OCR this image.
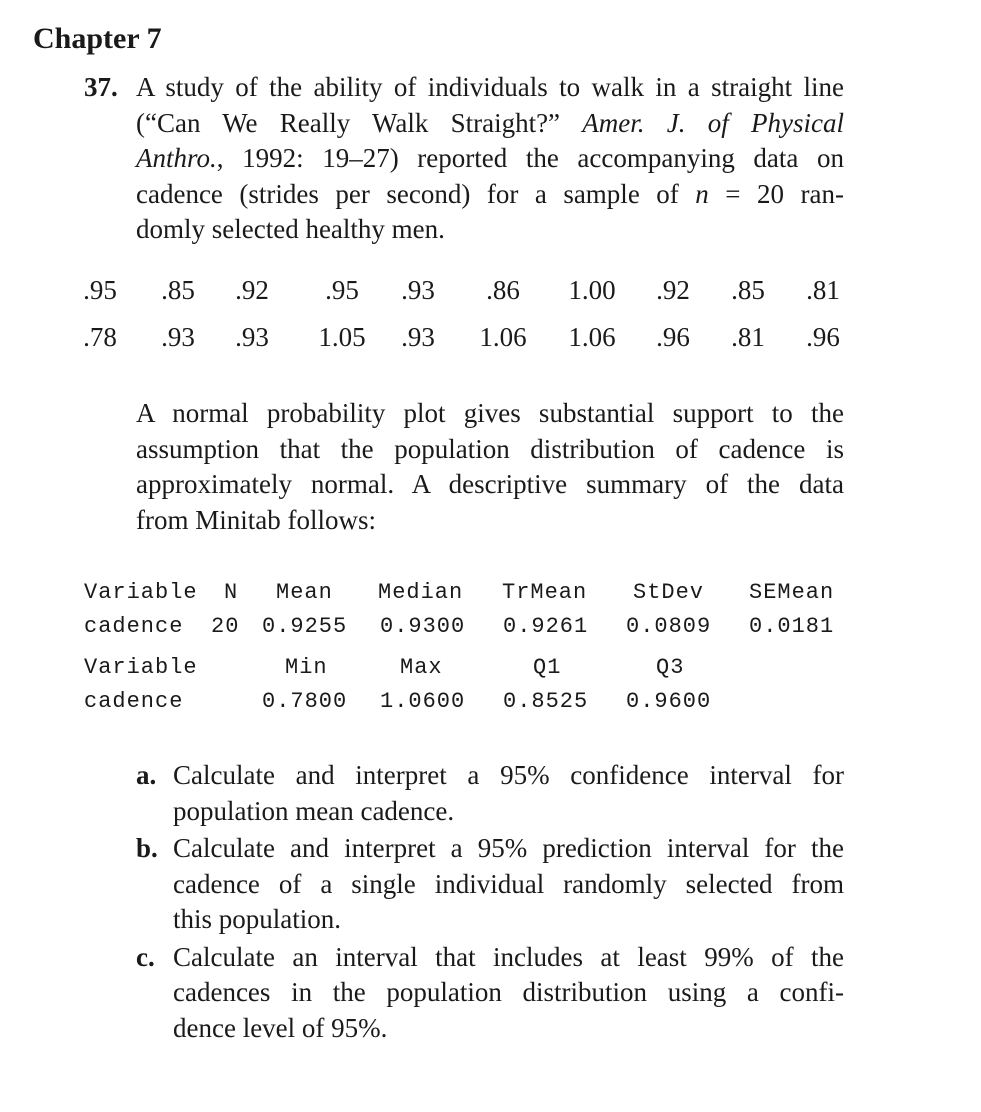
Chapter 7
37. A study of the ability of individuals to walk in a straight line
(“Can We Really Walk Straight?” Amer. J. of Physical
Anthro., 1992: 19–27) reported the accompanying data on
cadence (strides per second) for a sample of n = 20 ran-
domly selected healthy men.
.95 .85 .92 .95 .93 .86 1.00 .92 .85 .81
.78 .93 .93 1.05 .93 1.06 1.06 .96 .81 .96
A normal probability plot gives substantial support to the
assumption that the population distribution of cadence is
approximately normal. A descriptive summary of the data
from Minitab follows:
Variable N Mean Median TrMean StDev SEMean
cadence 20 0.9255 0.9300 0.9261 0.0809 0.0181
Variable	Min	Max	Q1	Q3
cadence	0.7800 1.0600 0.8525 0.9600
a. Calculate and interpret a 95% confidence interval for
population mean cadence.
b. Calculate and interpret a 95% prediction interval for the
cadence of a single individual randomly selected from
this population.
c. Calculate an interval that includes at least 99% of the
cadences in the population distribution using a confi-
dence level of 95%.
